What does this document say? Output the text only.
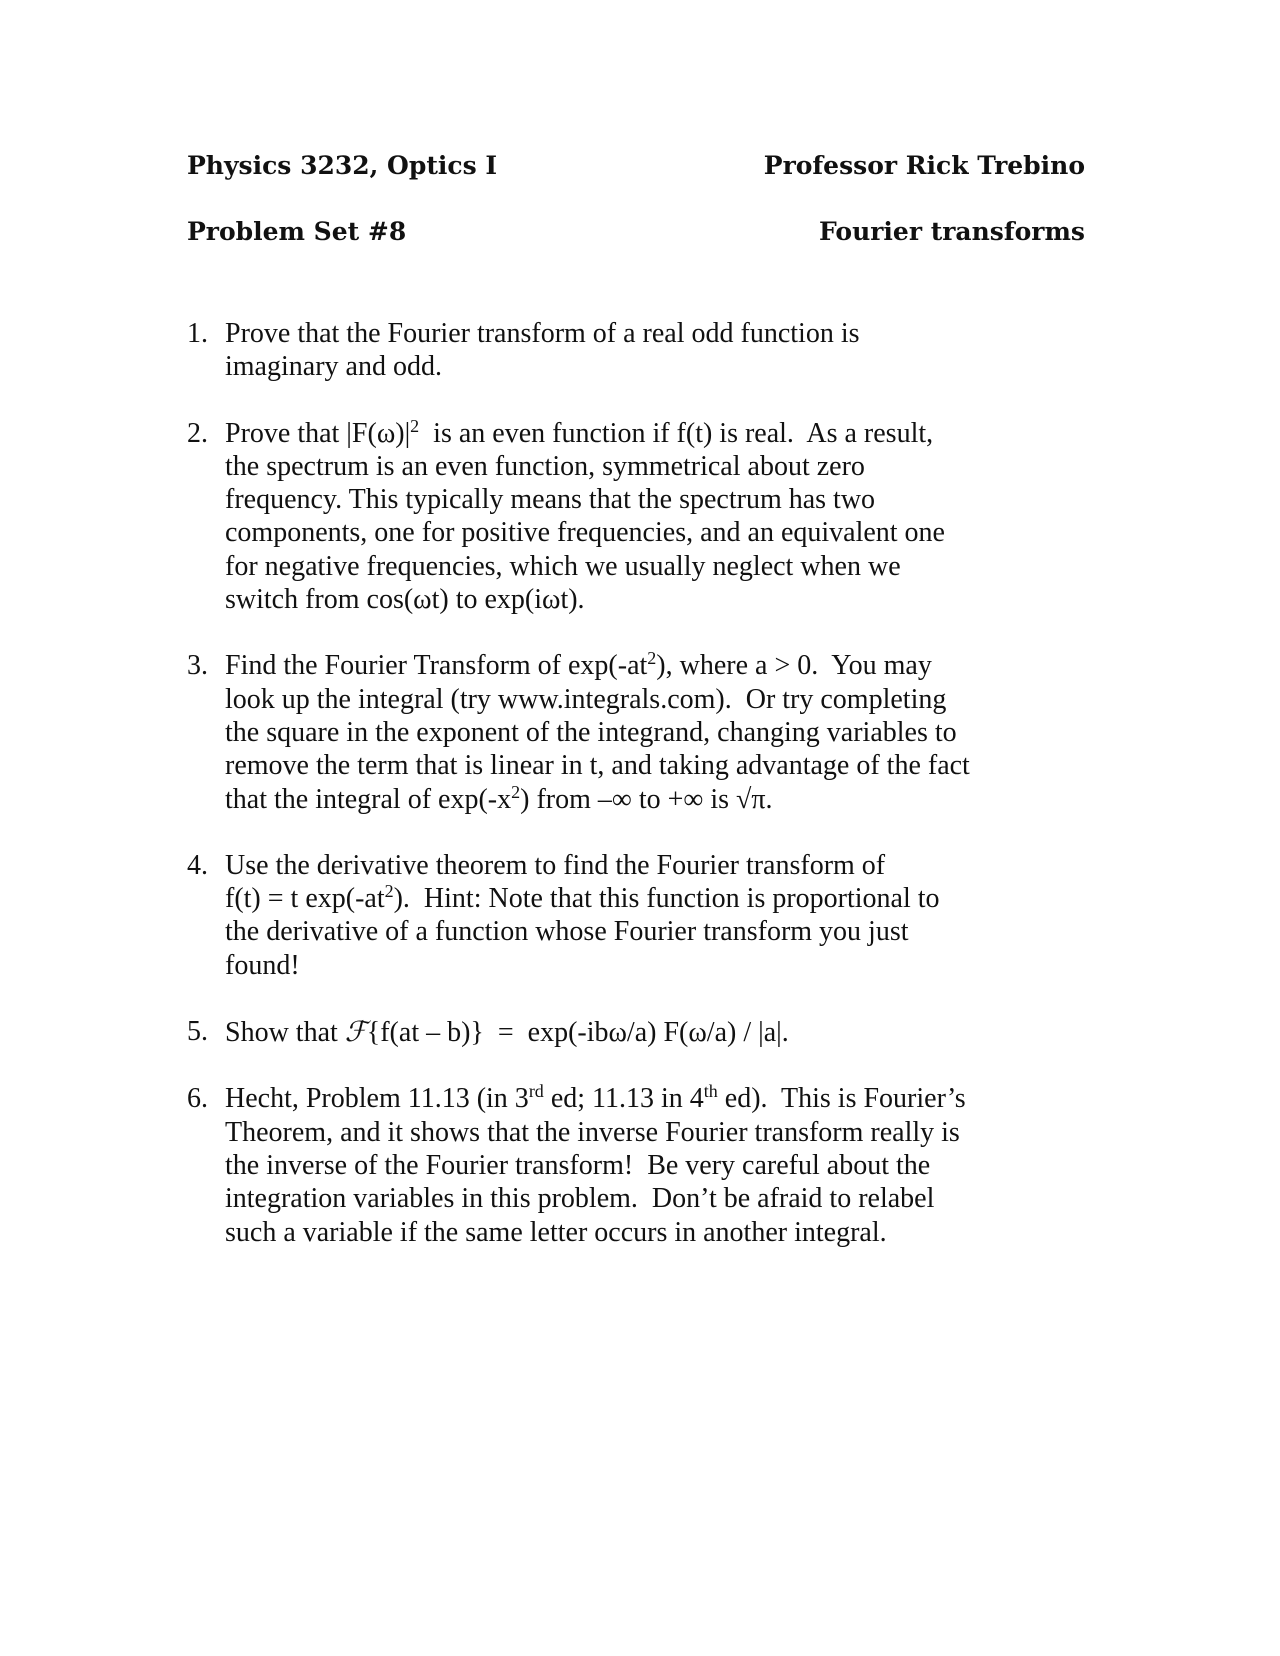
Physics 3232, Optics I	Professor Rick Trebino
Problem Set #8	Fourier transforms
1. Prove that the Fourier transform of a real odd function is
imaginary and odd.
2. Prove that $|F(\omega)|^2$  is an even function if f(t) is real.  As a result,
the spectrum is an even function, symmetrical about zero
frequency. This typically means that the spectrum has two
components, one for positive frequencies, and an equivalent one
for negative frequencies, which we usually neglect when we
switch from cos(ωt) to exp(iωt).
3. Find the Fourier Transform of $\exp(-at^2)$, where a > 0.  You may
look up the integral (try www.integrals.com).  Or try completing
the square in the exponent of the integrand, changing variables to
remove the term that is linear in t, and taking advantage of the fact
that the integral of $\exp(-x^2)$ from –∞ to +∞ is √π.
4. Use the derivative theorem to find the Fourier transform of
f(t) = t $\exp(-at^2)$.  Hint: Note that this function is proportional to
the derivative of a function whose Fourier transform you just
found!
5. Show that ℱ{f(at – b)}  =  exp(-ibω/a) F(ω/a) / |a|.
6. Hecht, Problem 11.13 (in 3rd ed; 11.13 in 4th ed).  This is Fourier’s
Theorem, and it shows that the inverse Fourier transform really is
the inverse of the Fourier transform!  Be very careful about the
integration variables in this problem.  Don’t be afraid to relabel
such a variable if the same letter occurs in another integral.
